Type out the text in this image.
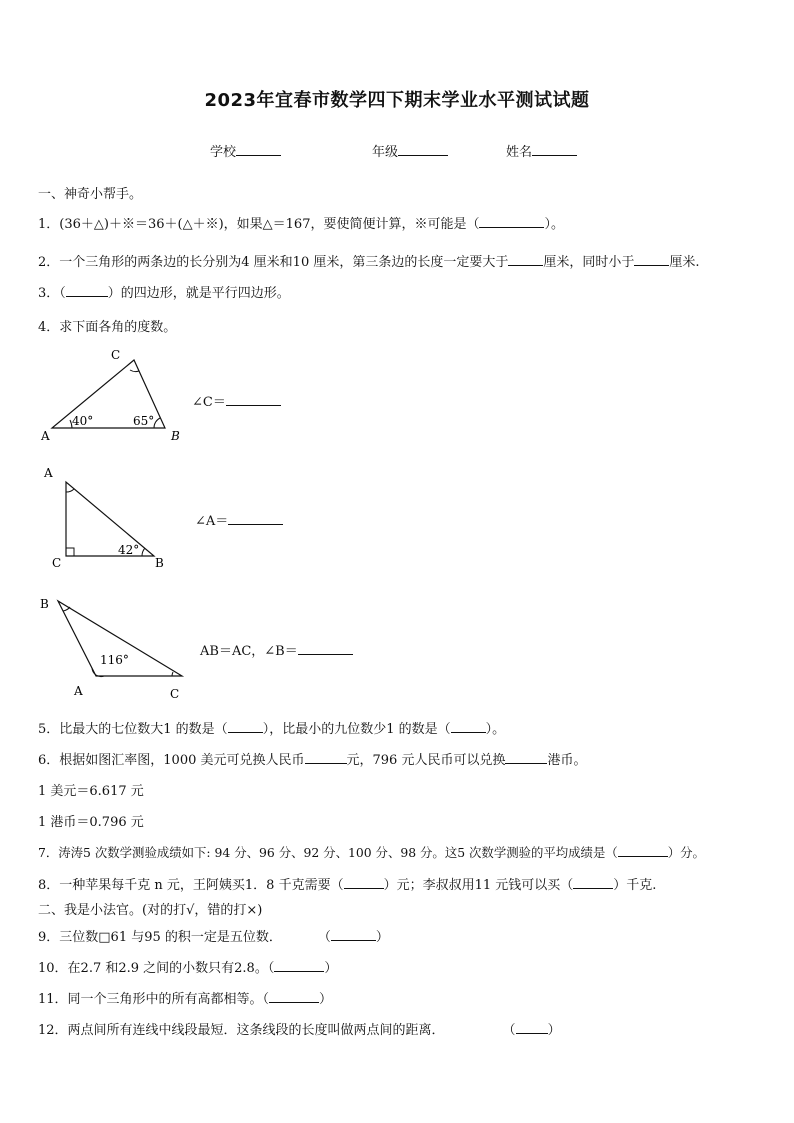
2023年宜春市数学四下期末学业水平测试试题
学校	年级	姓名
一、神奇小帮手。
1．(36＋△)＋※＝36＋(△＋※)，如果△＝167，要使简便计算，※可能是（	）。
2．一个三角形的两条边的长分别为4 厘米和10 厘米，第三条边的长度一定要大于	厘米，同时小于	厘米.
3．（	）的四边形，就是平行四边形。
4．求下面各角的度数。
C
A	B
40°	65°
∠C＝
A
C	B
42°
∠A＝
B
A	C
116°
AB＝AC，∠B＝
5．比最大的七位数大1 的数是（	），比最小的九位数少1 的数是（	）。
6．根据如图汇率图，1000 美元可兑换人民币	元，796 元人民币可以兑换	港币。
1 美元＝6.617 元
1 港币＝0.796 元
7．涛涛5 次数学测验成绩如下: 94 分、96 分、92 分、100 分、98 分。这5 次数学测验的平均成绩是（	）分。
8．一种苹果每千克 n 元，王阿姨买1．8 千克需要（	）元；李叔叔用11 元钱可以买（	）千克.
二、我是小法官。(对的打√，错的打×)
9．三位数□61 与95 的积一定是五位数．	（	）
10．在2.7 和2.9 之间的小数只有2.8。（	）
11．同一个三角形中的所有高都相等。（	）
12．两点间所有连线中线段最短．这条线段的长度叫做两点间的距离．	（ ）
